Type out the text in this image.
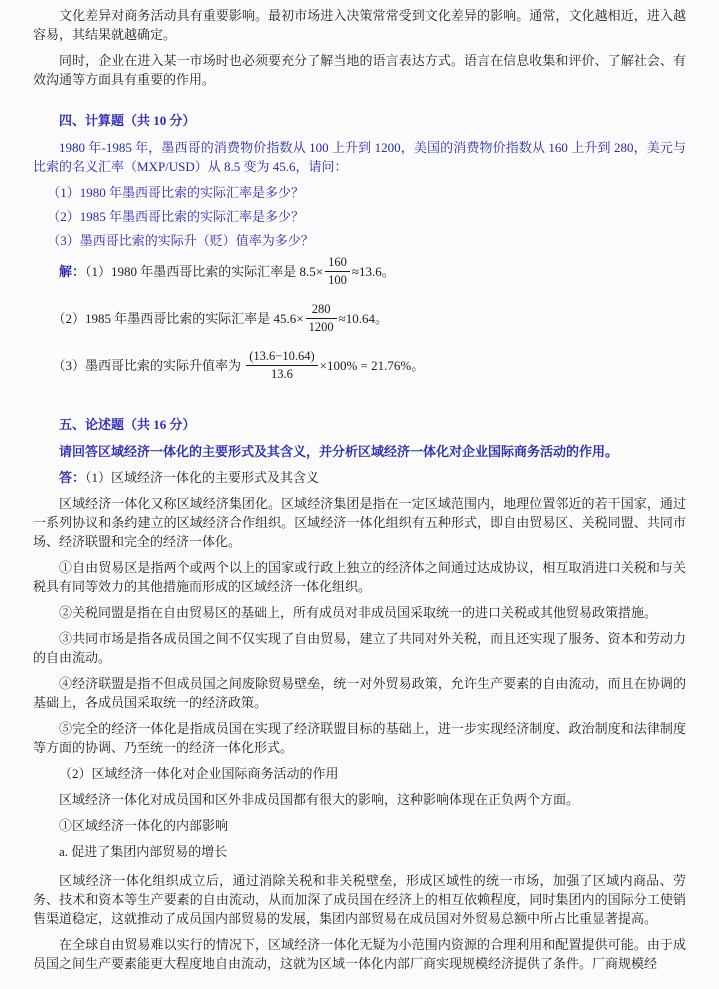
文化差异对商务活动具有重要影响。最初市场进入决策常常受到文化差异的影响。通常，文化越相近，进入越容易，其结果就越确定。

同时，企业在进入某一市场时也必须要充分了解当地的语言表达方式。语言在信息收集和评价、了解社会、有效沟通等方面具有重要的作用。

四、计算题（共 10 分）

1980 年-1985 年，墨西哥的消费物价指数从 100 上升到 1200，美国的消费物价指数从 160 上升到 280，美元与比索的名义汇率（MXP/USD）从 8.5 变为 45.6，请问：

（1）1980 年墨西哥比索的实际汇率是多少？

（2）1985 年墨西哥比索的实际汇率是多少？

（3）墨西哥比索的实际升（贬）值率为多少？

解：（1）1980 年墨西哥比索的实际汇率是 $8.5\times \frac{160}{100} \approx 13.6$。

（2）1985 年墨西哥比索的实际汇率是 $45.6\times \frac{280}{1200} \approx 10.64$。

（3）墨西哥比索的实际升值率为 $\frac{(13.6-10.64)}{13.6} \times 100\% = 21.76\%$。

五、论述题（共 16 分）

请回答区域经济一体化的主要形式及其含义，并分析区域经济一体化对企业国际商务活动的作用。

答：（1）区域经济一体化的主要形式及其含义

区域经济一体化又称区域经济集团化。区域经济集团是指在一定区域范围内，地理位置邻近的若干国家，通过一系列协议和条约建立的区域经济合作组织。区域经济一体化组织有五种形式，即自由贸易区、关税同盟、共同市场、经济联盟和完全的经济一体化。

①自由贸易区是指两个或两个以上的国家或行政上独立的经济体之间通过达成协议，相互取消进口关税和与关税具有同等效力的其他措施而形成的区域经济一体化组织。

②关税同盟是指在自由贸易区的基础上，所有成员对非成员国采取统一的进口关税或其他贸易政策措施。

③共同市场是指各成员国之间不仅实现了自由贸易，建立了共同对外关税，而且还实现了服务、资本和劳动力的自由流动。

④经济联盟是指不但成员国之间废除贸易壁垒，统一对外贸易政策，允许生产要素的自由流动，而且在协调的基础上，各成员国采取统一的经济政策。

⑤完全的经济一体化是指成员国在实现了经济联盟目标的基础上，进一步实现经济制度、政治制度和法律制度等方面的协调、乃至统一的经济一体化形式。

（2）区域经济一体化对企业国际商务活动的作用

区域经济一体化对成员国和区外非成员国都有很大的影响，这种影响体现在正负两个方面。

①区域经济一体化的内部影响

a. 促进了集团内部贸易的增长

区域经济一体化组织成立后，通过消除关税和非关税壁垒，形成区域性的统一市场，加强了区域内商品、劳务、技术和资本等生产要素的自由流动，从而加深了成员国在经济上的相互依赖程度，同时集团内的国际分工使销售渠道稳定，这就推动了成员国内部贸易的发展，集团内部贸易在成员国对外贸易总额中所占比重显著提高。

在全球自由贸易难以实行的情况下，区域经济一体化无疑为小范围内资源的合理利用和配置提供可能。由于成员国之间生产要素能更大程度地自由流动，这就为区域一体化内部厂商实现规模经济提供了条件。厂商规模经
